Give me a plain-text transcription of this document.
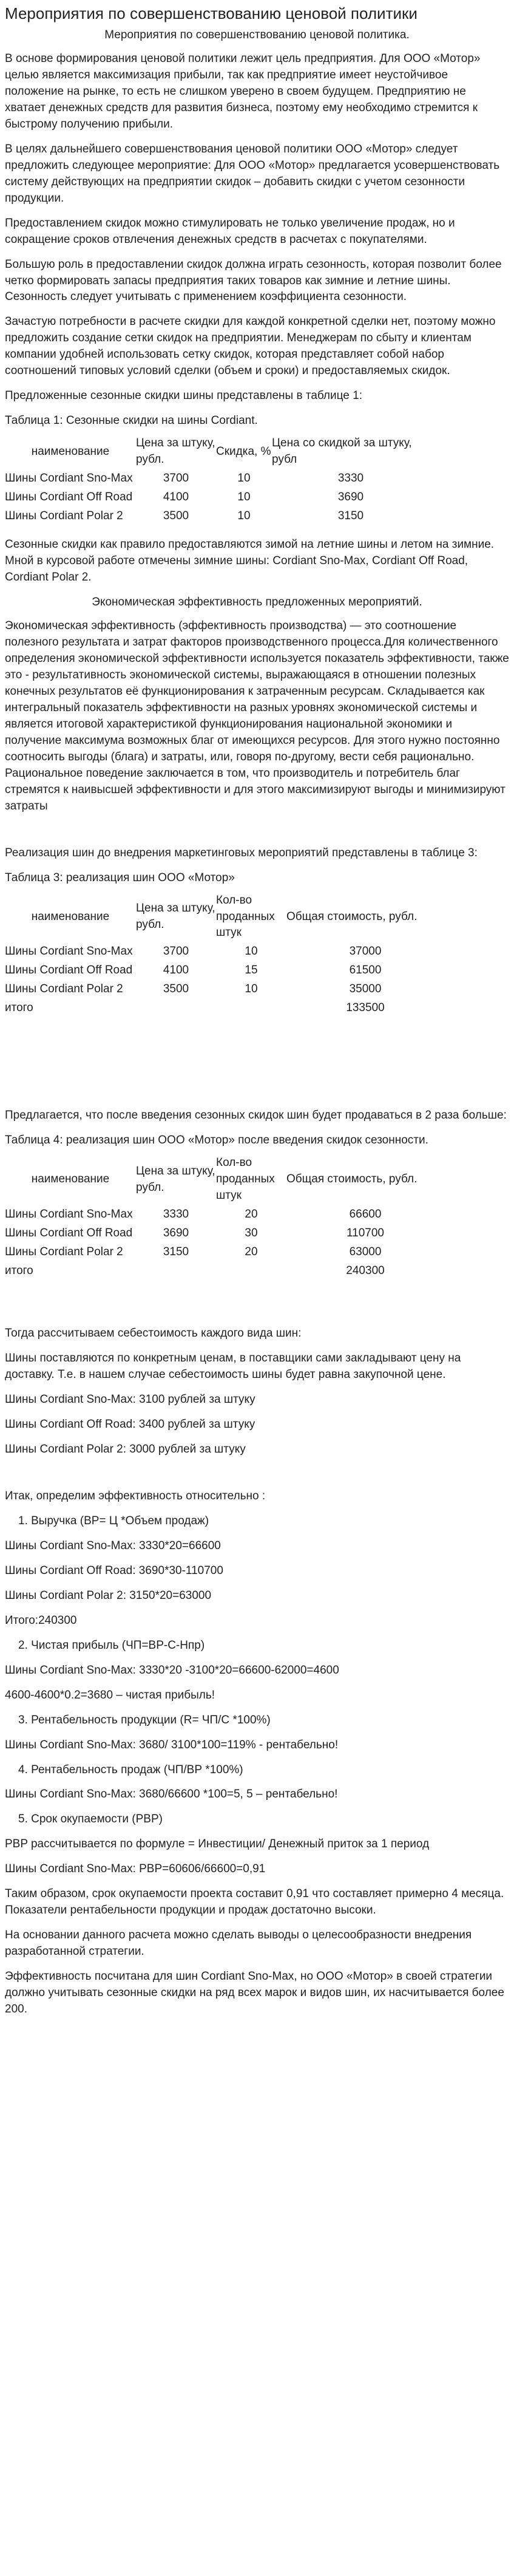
Мероприятия по совершенствованию ценовой политики
Мероприятия по совершенствованию ценовой политика.

В основе формирования ценовой политики лежит цель предприятия. Для ООО «Мотор» целью является максимизация прибыли, так как предприятие имеет неустойчивое положение на рынке, то есть не слишком уверено в своем будущем. Предприятию не хватает денежных средств для развития бизнеса, поэтому ему необходимо стремится к быстрому получению прибыли.

В целях дальнейшего совершенствования ценовой политики ООО «Мотор» следует предложить следующее мероприятие: Для ООО «Мотор» предлагается усовершенствовать систему действующих на предприятии скидок – добавить скидки с учетом сезонности продукции.

Предоставлением скидок можно стимулировать не только увеличение продаж, но и сокращение сроков отвлечения денежных средств в расчетах с покупателями.

Большую роль в предоставлении скидок должна играть сезонность, которая позволит более четко формировать запасы предприятия таких товаров как зимние и летние шины. Сезонность следует учитывать с применением коэффициента сезонности.

Зачастую потребности в расчете скидки для каждой конкретной сделки нет, поэтому можно предложить создание сетки скидок на предприятии. Менеджерам по сбыту и клиентам компании удобней использовать сетку скидок, которая представляет собой набор соотношений типовых условий сделки (объем и сроки) и предоставляемых скидок.

Предложенные сезонные скидки шины представлены в таблице 1:

Таблица 1: Сезонные скидки на шины Cordiant.
наименование	Цена за штуку, рубл.	Скидка, %	Цена со скидкой за штуку, рубл
Шины Cordiant Sno-Max	3700	10	3330
Шины Cordiant Off Road	4100	10	3690
Шины Cordiant Polar 2	3500	10	3150

Сезонные скидки как правило предоставляются зимой на летние шины и летом на зимние. Мной в курсовой работе отмечены зимние шины: Cordiant Sno-Max, Cordiant Off Road, Cordiant Polar 2.

Экономическая эффективность предложенных мероприятий.

Экономическая эффективность (эффективность производства) — это соотношение полезного результата и затрат факторов производственного процесса.Для количественного определения экономической эффективности используется показатель эффективности, также это - результативность экономической системы, выражающаяся в отношении полезных конечных результатов её функционирования к затраченным ресурсам. Складывается как интегральный показатель эффективности на разных уровнях экономической системы и является итоговой характеристикой функционирования национальной экономики и получение максимума возможных благ от имеющихся ресурсов. Для этого нужно постоянно соотносить выгоды (блага) и затраты, или, говоря по-другому, вести себя рационально. Рациональное поведение заключается в том, что производитель и потребитель благ стремятся к наивысшей эффективности и для этого максимизируют выгоды и минимизируют затраты

Реализация шин до внедрения маркетинговых мероприятий представлены в таблице 3:

Таблица 3: реализация шин ООО «Мотор»
наименование	Цена за штуку, рубл.	Кол-во проданных штук	Общая стоимость, рубл.
Шины Cordiant Sno-Max	3700	10	37000
Шины Cordiant Off Road	4100	15	61500
Шины Cordiant Polar 2	3500	10	35000
итого			133500

Предлагается, что после введения сезонных скидок шин будет продаваться в 2 раза больше:

Таблица 4: реализация шин ООО «Мотор» после введения скидок сезонности.
наименование	Цена за штуку, рубл.	Кол-во проданных штук	Общая стоимость, рубл.
Шины Cordiant Sno-Max	3330	20	66600
Шины Cordiant Off Road	3690	30	110700
Шины Cordiant Polar 2	3150	20	63000
итого			240300

Тогда рассчитываем себестоимость каждого вида шин:

Шины поставляются по конкретным ценам, в поставщики сами закладывают цену на доставку. Т.е. в нашем случае себестоимость шины будет равна закупочной цене.

Шины Cordiant Sno-Max: 3100 рублей за штуку

Шины Cordiant Off Road: 3400 рублей за штуку

Шины Cordiant Polar 2: 3000 рублей за штуку

Итак, определим эффективность относительно :

1. Выручка (ВР= Ц *Объем продаж)

Шины Cordiant Sno-Max: 3330*20=66600

Шины Cordiant Off Road: 3690*30-110700

Шины Cordiant Polar 2: 3150*20=63000

Итого:240300

2. Чистая прибыль (ЧП=ВР-С-Нпр)

Шины Cordiant Sno-Max: 3330*20 -3100*20=66600-62000=4600

4600-4600*0.2=3680 – чистая прибыль!

3. Рентабельность продукции (R= ЧП/С *100%)

Шины Cordiant Sno-Max: 3680/ 3100*100=119% - рентабельно!

4. Рентабельность продаж (ЧП/ВР *100%)

Шины Cordiant Sno-Max: 3680/66600 *100=5, 5 – рентабельно!

5. Срок окупаемости (РВР)

PBP рассчитывается по формуле = Инвестиции/ Денежный приток за 1 период

Шины Cordiant Sno-Max: PBP=60606/66600=0,91

Таким образом, срок окупаемости проекта составит 0,91 что составляет примерно 4 месяца. Показатели рентабельности продукции и продаж достаточно высоки.

На основании данного расчета можно сделать выводы о целесообразности внедрения разработанной стратегии.

Эффективность посчитана для шин Cordiant Sno-Max, но ООО «Мотор» в своей стратегии должно учитывать сезонные скидки на ряд всех марок и видов шин, их насчитывается более 200.
